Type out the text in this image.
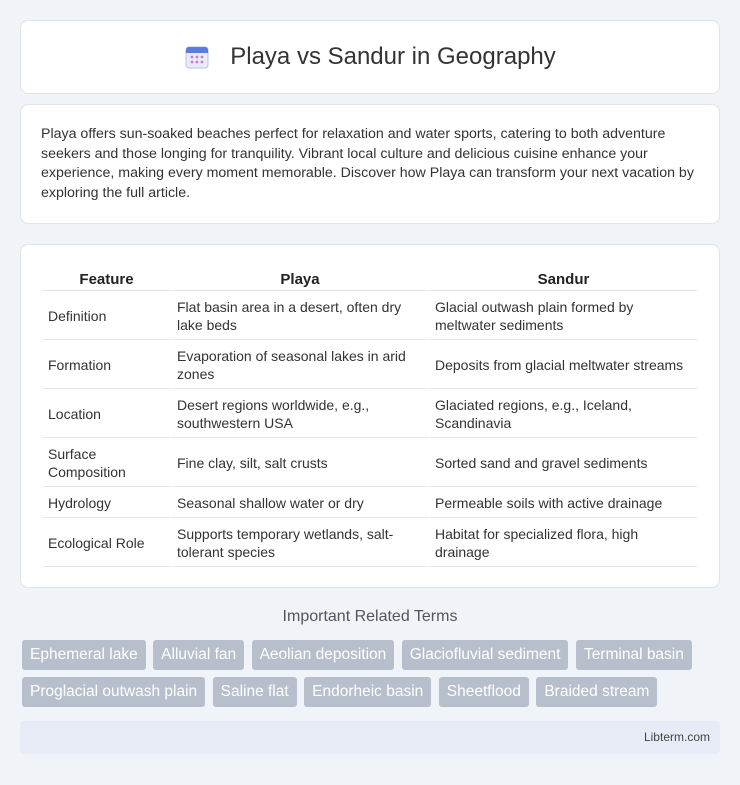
Playa vs Sandur in Geography

Playa offers sun-soaked beaches perfect for relaxation and water sports, catering to both adventure seekers and those longing for tranquility. Vibrant local culture and delicious cuisine enhance your experience, making every moment memorable. Discover how Playa can transform your next vacation by exploring the full article.

Feature	Playa	Sandur
Definition	Flat basin area in a desert, often dry lake beds	Glacial outwash plain formed by meltwater sediments
Formation	Evaporation of seasonal lakes in arid zones	Deposits from glacial meltwater streams
Location	Desert regions worldwide, e.g., southwestern USA	Glaciated regions, e.g., Iceland, Scandinavia
Surface Composition	Fine clay, silt, salt crusts	Sorted sand and gravel sediments
Hydrology	Seasonal shallow water or dry	Permeable soils with active drainage
Ecological Role	Supports temporary wetlands, salt-tolerant species	Habitat for specialized flora, high drainage
Important Related Terms
Ephemeral lake Alluvial fan Aeolian deposition Glaciofluvial sediment Terminal basin
Proglacial outwash plain Saline flat Endorheic basin Sheetflood Braided stream
Libterm.com
